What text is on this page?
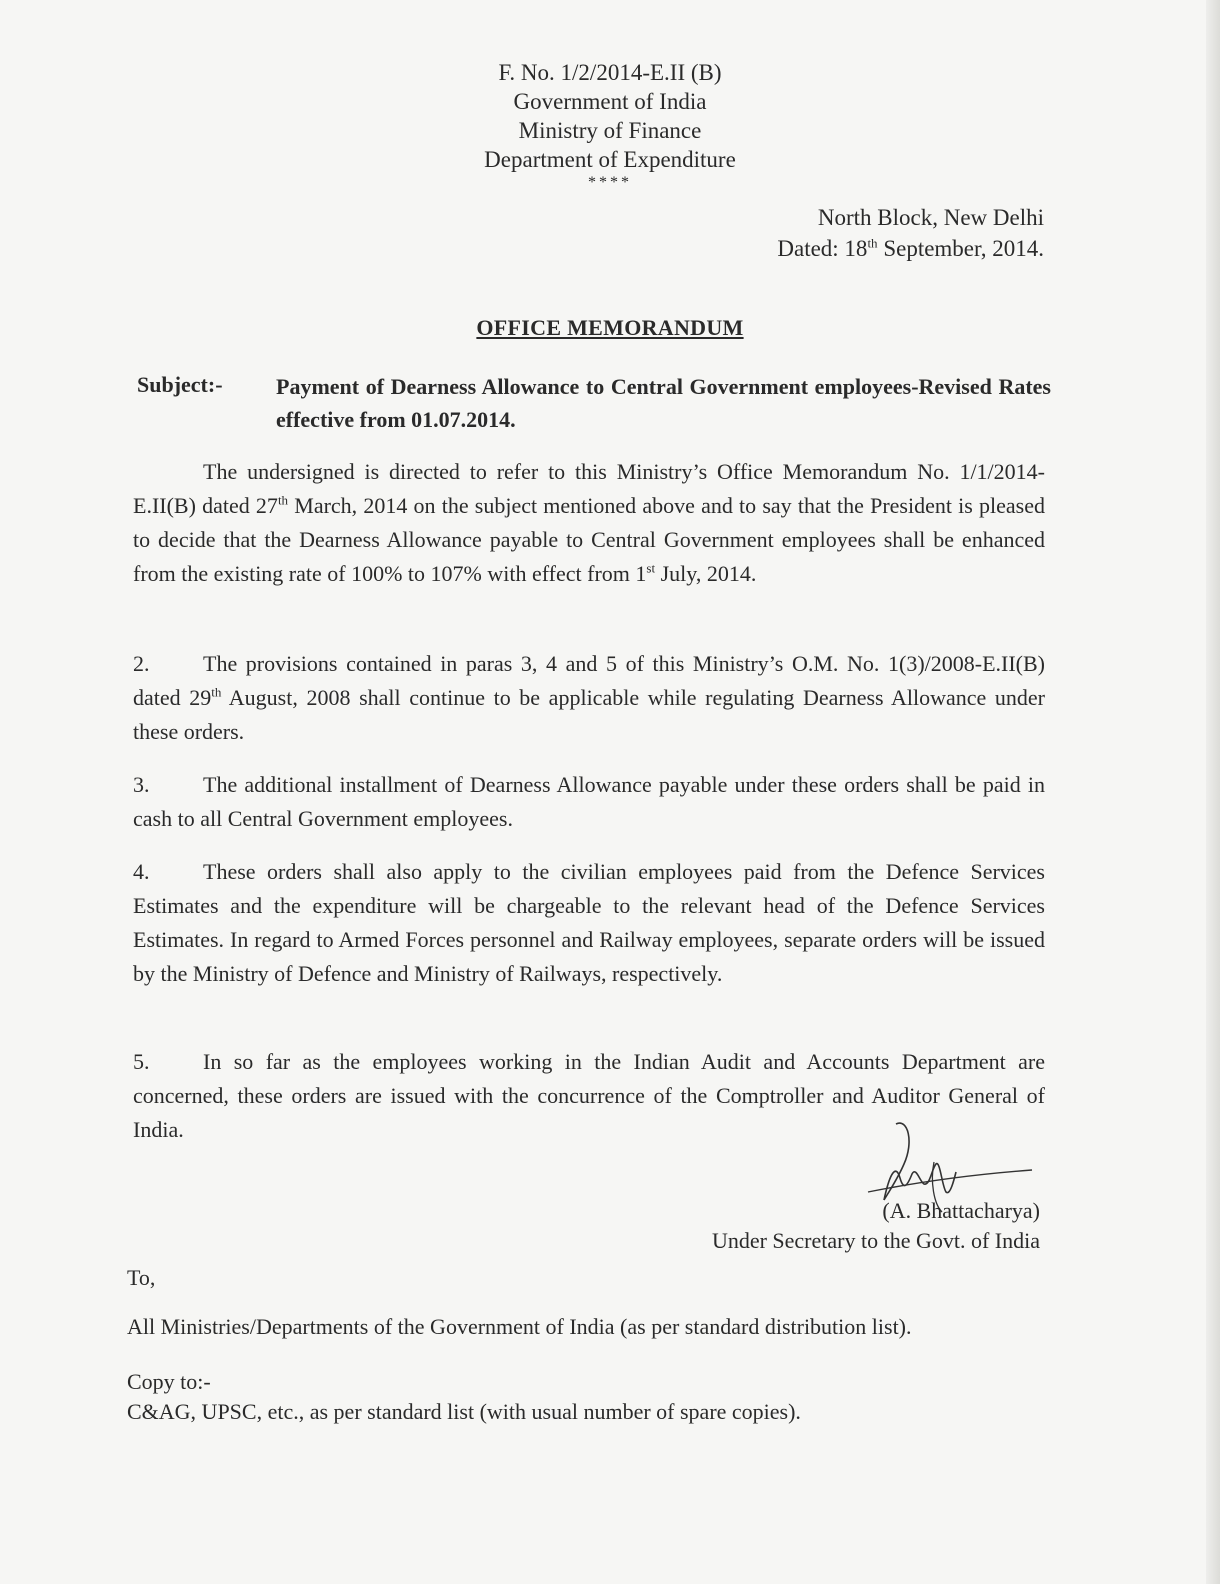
F. No. 1/2/2014-E.II (B)
Government of India
Ministry of Finance
Department of Expenditure
****
North Block, New Delhi
Dated: 18th September, 2014.
OFFICE MEMORANDUM
Subject:- Payment of Dearness Allowance to Central Government employees-Revised Rates effective from 01.07.2014.
The undersigned is directed to refer to this Ministry’s Office Memorandum No. 1/1/2014-E.II(B) dated 27th March, 2014 on the subject mentioned above and to say that the President is pleased to decide that the Dearness Allowance payable to Central Government employees shall be enhanced from the existing rate of 100% to 107% with effect from 1st July, 2014.
2. The provisions contained in paras 3, 4 and 5 of this Ministry’s O.M. No. 1(3)/2008-E.II(B) dated 29th August, 2008 shall continue to be applicable while regulating Dearness Allowance under these orders.
3. The additional installment of Dearness Allowance payable under these orders shall be paid in cash to all Central Government employees.
4. These orders shall also apply to the civilian employees paid from the Defence Services Estimates and the expenditure will be chargeable to the relevant head of the Defence Services Estimates. In regard to Armed Forces personnel and Railway employees, separate orders will be issued by the Ministry of Defence and Ministry of Railways, respectively.
5. In so far as the employees working in the Indian Audit and Accounts Department are concerned, these orders are issued with the concurrence of the Comptroller and Auditor General of India.
(A. Bhattacharya)
Under Secretary to the Govt. of India
To,
All Ministries/Departments of the Government of India (as per standard distribution list).
Copy to:-
C&AG, UPSC, etc., as per standard list (with usual number of spare copies).
